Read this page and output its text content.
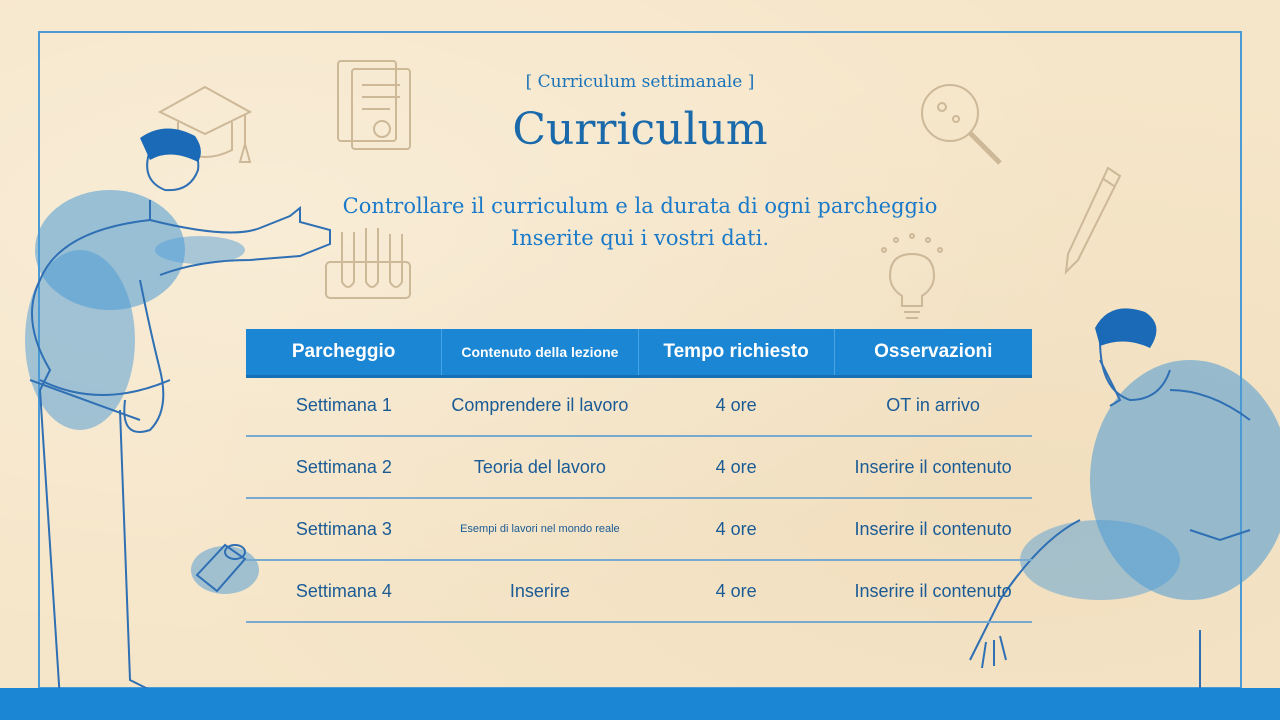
[ Curriculum settimanale ]
Curriculum
Controllare il curriculum e la durata di ogni parcheggio
Inserite qui i vostri dati.
Parcheggio	Contenuto della lezione	Tempo richiesto	Osservazioni
Settimana 1	Comprendere il lavoro	4 ore	OT in arrivo
Settimana 2	Teoria del lavoro	4 ore	Inserire il contenuto
Settimana 3	Esempi di lavori nel mondo reale	4 ore	Inserire il contenuto
Settimana 4	Inserire	4 ore	Inserire il contenuto
